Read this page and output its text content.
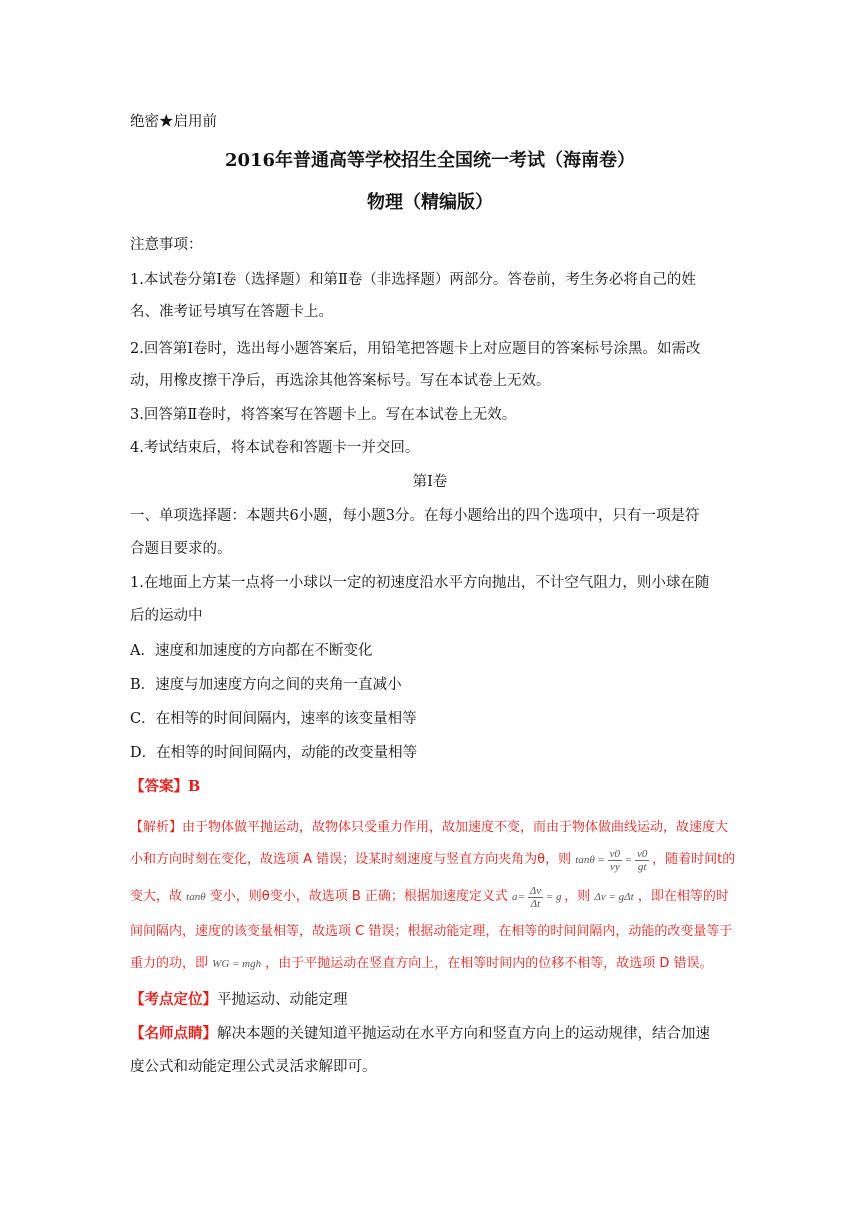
绝密★启用前
2016年普通高等学校招生全国统一考试（海南卷）
物理（精编版）
注意事项：
1.本试卷分第Ⅰ卷（选择题）和第Ⅱ卷（非选择题）两部分。答卷前，考生务必将自己的姓
名、准考证号填写在答题卡上。
2.回答第Ⅰ卷时，选出每小题答案后，用铅笔把答题卡上对应题目的答案标号涂黑。如需改
动，用橡皮擦干净后，再选涂其他答案标号。写在本试卷上无效。
3.回答第Ⅱ卷时，将答案写在答题卡上。写在本试卷上无效。
4.考试结束后，将本试卷和答题卡一并交回。
第Ⅰ卷
一、单项选择题：本题共6小题，每小题3分。在每小题给出的四个选项中，只有一项是符
合题目要求的。
1.在地面上方某一点将一小球以一定的初速度沿水平方向抛出，不计空气阻力，则小球在随
后的运动中
A．速度和加速度的方向都在不断变化
B．速度与加速度方向之间的夹角一直减小
C．在相等的时间间隔内，速率的该变量相等
D．在相等的时间间隔内，动能的改变量相等
【答案】B
【解析】由于物体做平抛运动，故物体只受重力作用，故加速度不变，而由于物体做曲线运动，故速度大
小和方向时刻在变化，故选项 A 错误；设某时刻速度与竖直方向夹角为θ，则 $\tan\theta = \frac{v0}{vy} = \frac{v0}{gt}$ ，随着时间t的
变大，故 tanθ 变小，则θ变小，故选项 B 正确；根据加速度定义式 $a= \frac{\Delta v}{\Delta t} = g$ ，则 Δv = gΔt ，即在相等的时
间间隔内，速度的该变量相等，故选项 C 错误；根据动能定理，在相等的时间间隔内，动能的改变量等于
重力的功，即 WG = mgh ，由于平抛运动在竖直方向上，在相等时间内的位移不相等，故选项 D 错误。
【考点定位】平抛运动、动能定理
【名师点睛】解决本题的关键知道平抛运动在水平方向和竖直方向上的运动规律，结合加速
度公式和动能定理公式灵活求解即可。
